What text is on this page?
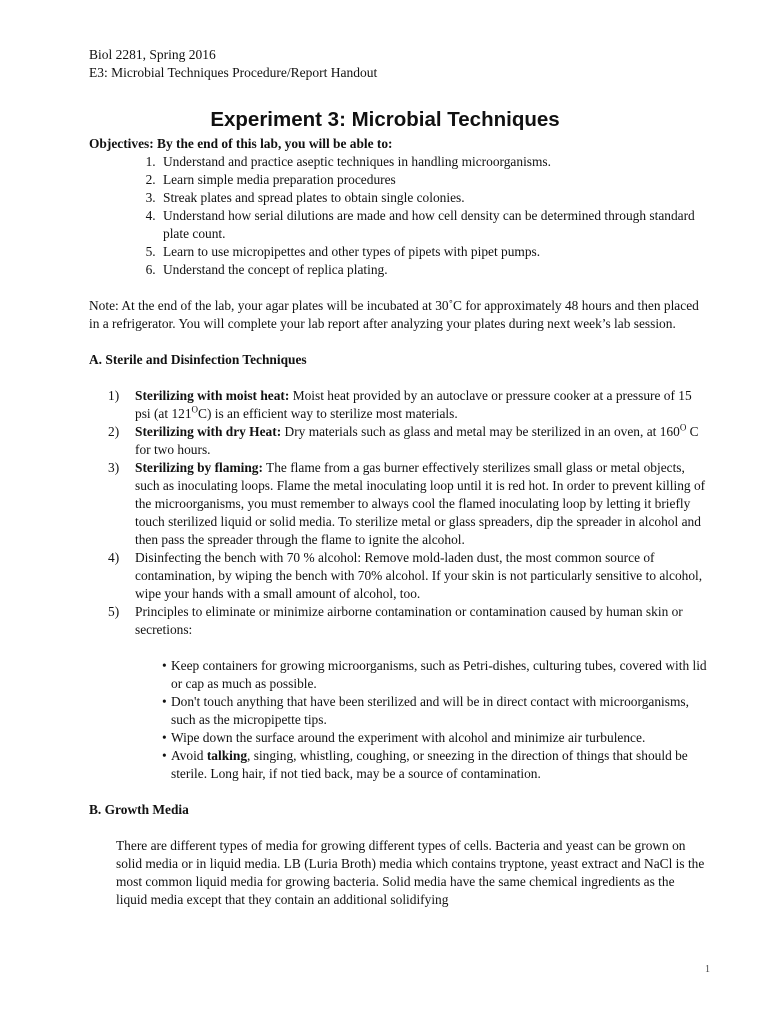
Biol 2281, Spring 2016
E3: Microbial Techniques Procedure/Report Handout
Experiment 3: Microbial Techniques
Objectives: By the end of this lab, you will be able to:
1. Understand and practice aseptic techniques in handling microorganisms.
2. Learn simple media preparation procedures
3. Streak plates and spread plates to obtain single colonies.
4. Understand how serial dilutions are made and how cell density can be determined through standard plate count.
5. Learn to use micropipettes and other types of pipets with pipet pumps.
6. Understand the concept of replica plating.
Note: At the end of the lab, your agar plates will be incubated at 30˚C for approximately 48 hours and then placed in a refrigerator. You will complete your lab report after analyzing your plates during next week’s lab session.
A. Sterile and Disinfection Techniques
1) Sterilizing with moist heat: Moist heat provided by an autoclave or pressure cooker at a pressure of 15 psi (at $121^OC$) is an efficient way to sterilize most materials.
2) Sterilizing with dry Heat: Dry materials such as glass and metal may be sterilized in an oven, at $160^O$ C for two hours.
3) Sterilizing by flaming: The flame from a gas burner effectively sterilizes small glass or metal objects, such as inoculating loops. Flame the metal inoculating loop until it is red hot. In order to prevent killing of the microorganisms, you must remember to always cool the flamed inoculating loop by letting it briefly touch sterilized liquid or solid media. To sterilize metal or glass spreaders, dip the spreader in alcohol and then pass the spreader through the flame to ignite the alcohol.
4) Disinfecting the bench with 70 % alcohol: Remove mold-laden dust, the most common source of contamination, by wiping the bench with 70% alcohol. If your skin is not particularly sensitive to alcohol, wipe your hands with a small amount of alcohol, too.
5) Principles to eliminate or minimize airborne contamination or contamination caused by human skin or secretions:
• Keep containers for growing microorganisms, such as Petri-dishes, culturing tubes, covered with lid or cap as much as possible.
• Don't touch anything that have been sterilized and will be in direct contact with microorganisms, such as the micropipette tips.
• Wipe down the surface around the experiment with alcohol and minimize air turbulence.
• Avoid talking, singing, whistling, coughing, or sneezing in the direction of things that should be sterile. Long hair, if not tied back, may be a source of contamination.
B. Growth Media
There are different types of media for growing different types of cells. Bacteria and yeast can be grown on solid media or in liquid media. LB (Luria Broth) media which contains tryptone, yeast extract and NaCl is the most common liquid media for growing bacteria. Solid media have the same chemical ingredients as the liquid media except that they contain an additional solidifying
1
